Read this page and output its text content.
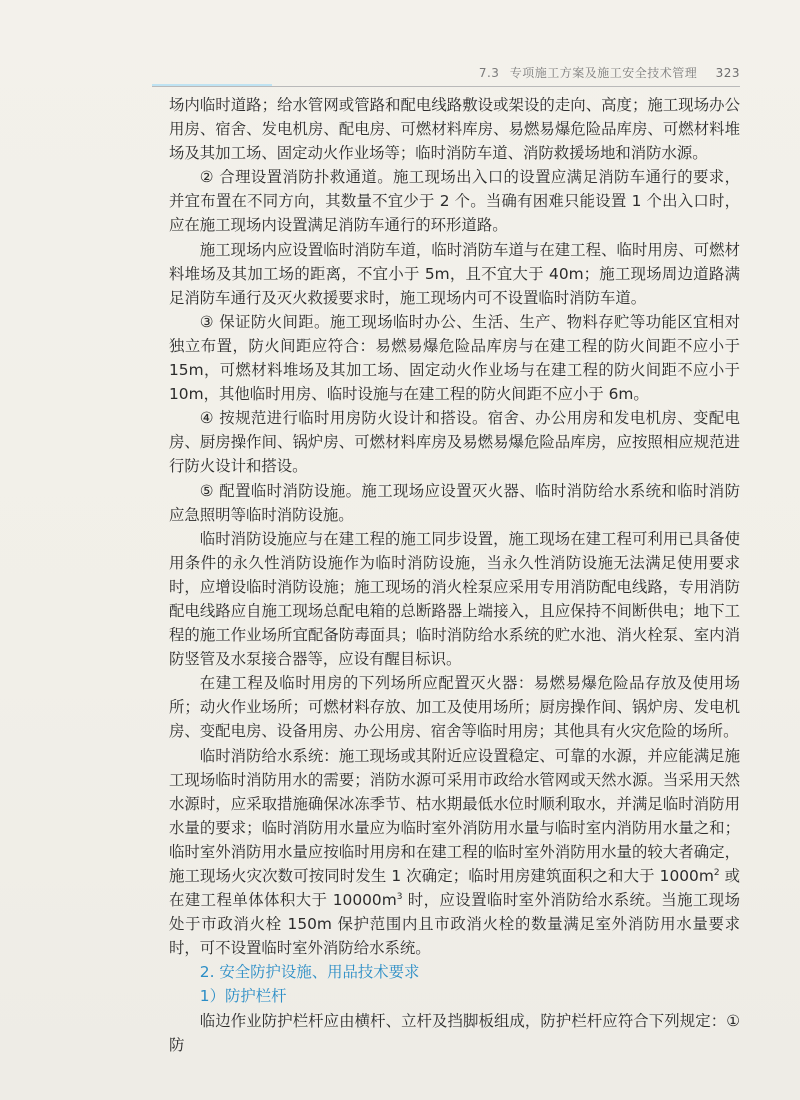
7.3 专项施工方案及施工安全技术管理 323

场内临时道路；给水管网或管路和配电线路敷设或架设的走向、高度；施工现场办公用房、宿舍、发电机房、配电房、可燃材料库房、易燃易爆危险品库房、可燃材料堆场及其加工场、固定动火作业场等；临时消防车道、消防救援场地和消防水源。

② 合理设置消防扑救通道。施工现场出入口的设置应满足消防车通行的要求，并宜布置在不同方向，其数量不宜少于 2 个。当确有困难只能设置 1 个出入口时，应在施工现场内设置满足消防车通行的环形道路。

施工现场内应设置临时消防车道，临时消防车道与在建工程、临时用房、可燃材料堆场及其加工场的距离，不宜小于 5m，且不宜大于 40m；施工现场周边道路满足消防车通行及灭火救援要求时，施工现场内可不设置临时消防车道。

③ 保证防火间距。施工现场临时办公、生活、生产、物料存贮等功能区宜相对独立布置，防火间距应符合：易燃易爆危险品库房与在建工程的防火间距不应小于 15m，可燃材料堆场及其加工场、固定动火作业场与在建工程的防火间距不应小于 10m，其他临时用房、临时设施与在建工程的防火间距不应小于 6m。

④ 按规范进行临时用房防火设计和搭设。宿舍、办公用房和发电机房、变配电房、厨房操作间、锅炉房、可燃材料库房及易燃易爆危险品库房，应按照相应规范进行防火设计和搭设。

⑤ 配置临时消防设施。施工现场应设置灭火器、临时消防给水系统和临时消防应急照明等临时消防设施。

临时消防设施应与在建工程的施工同步设置，施工现场在建工程可利用已具备使用条件的永久性消防设施作为临时消防设施，当永久性消防设施无法满足使用要求时，应增设临时消防设施；施工现场的消火栓泵应采用专用消防配电线路，专用消防配电线路应自施工现场总配电箱的总断路器上端接入，且应保持不间断供电；地下工程的施工作业场所宜配备防毒面具；临时消防给水系统的贮水池、消火栓泵、室内消防竖管及水泵接合器等，应设有醒目标识。

在建工程及临时用房的下列场所应配置灭火器：易燃易爆危险品存放及使用场所；动火作业场所；可燃材料存放、加工及使用场所；厨房操作间、锅炉房、发电机房、变配电房、设备用房、办公用房、宿舍等临时用房；其他具有火灾危险的场所。

临时消防给水系统：施工现场或其附近应设置稳定、可靠的水源，并应能满足施工现场临时消防用水的需要；消防水源可采用市政给水管网或天然水源。当采用天然水源时，应采取措施确保冰冻季节、枯水期最低水位时顺利取水，并满足临时消防用水量的要求；临时消防用水量应为临时室外消防用水量与临时室内消防用水量之和；临时室外消防用水量应按临时用房和在建工程的临时室外消防用水量的较大者确定，施工现场火灾次数可按同时发生 1 次确定；临时用房建筑面积之和大于 $1000m^2$ 或在建工程单体体积大于 $10000m^3$ 时，应设置临时室外消防给水系统。当施工现场处于市政消火栓 150m 保护范围内且市政消火栓的数量满足室外消防用水量要求时，可不设置临时室外消防给水系统。

2. 安全防护设施、用品技术要求

1）防护栏杆

临边作业防护栏杆应由横杆、立杆及挡脚板组成，防护栏杆应符合下列规定：① 防
